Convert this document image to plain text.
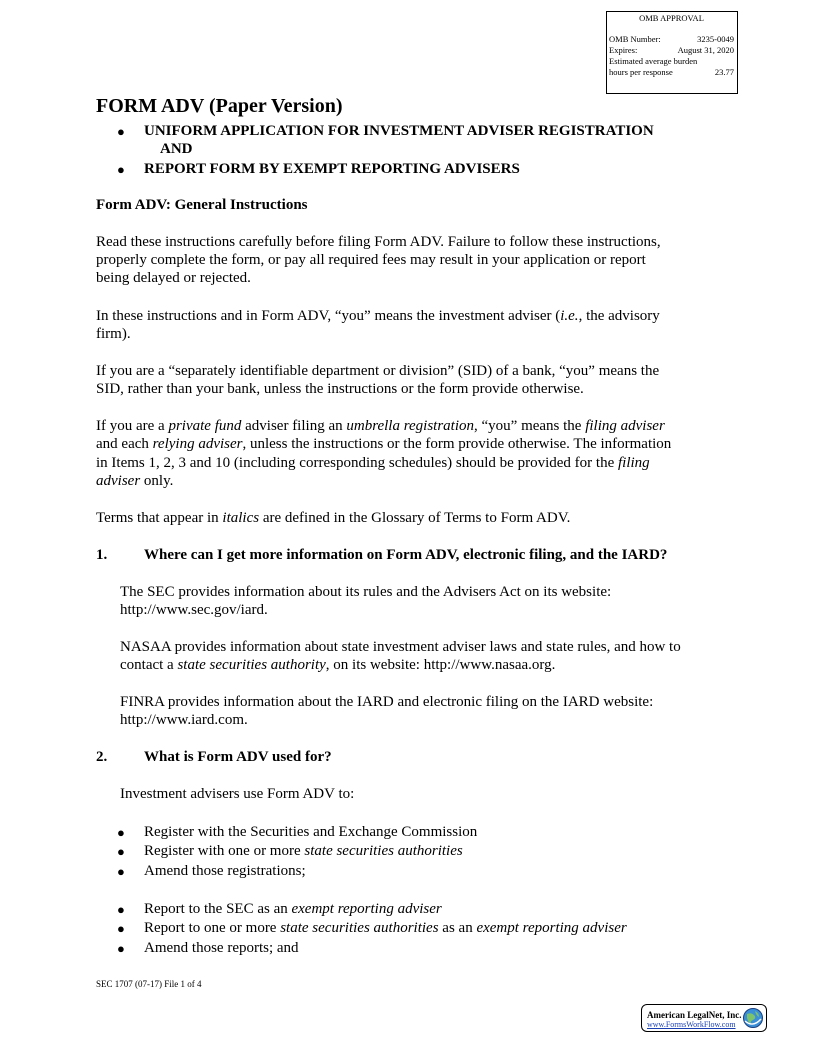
OMB APPROVAL
OMB Number:	3235-0049
Expires:	August 31, 2020
Estimated average burden
hours per response	23.77
FORM ADV (Paper Version)
● UNIFORM APPLICATION FOR INVESTMENT ADVISER REGISTRATION
AND
● REPORT FORM BY EXEMPT REPORTING ADVISERS
Form ADV: General Instructions
Read these instructions carefully before filing Form ADV. Failure to follow these instructions,
properly complete the form, or pay all required fees may result in your application or report
being delayed or rejected.
In these instructions and in Form ADV, “you” means the investment adviser (i.e., the advisory
firm).
If you are a “separately identifiable department or division” (SID) of a bank, “you” means the
SID, rather than your bank, unless the instructions or the form provide otherwise.
If you are a private fund adviser filing an umbrella registration, “you” means the filing adviser
and each relying adviser, unless the instructions or the form provide otherwise. The information
in Items 1, 2, 3 and 10 (including corresponding schedules) should be provided for the filing
adviser only.
Terms that appear in italics are defined in the Glossary of Terms to Form ADV.
1. Where can I get more information on Form ADV, electronic filing, and the IARD?
The SEC provides information about its rules and the Advisers Act on its website:
http://www.sec.gov/iard.
NASAA provides information about state investment adviser laws and state rules, and how to
contact a state securities authority, on its website: http://www.nasaa.org.
FINRA provides information about the IARD and electronic filing on the IARD website:
http://www.iard.com.
2. What is Form ADV used for?
Investment advisers use Form ADV to:
● Register with the Securities and Exchange Commission
● Register with one or more state securities authorities
● Amend those registrations;
● Report to the SEC as an exempt reporting adviser
● Report to one or more state securities authorities as an exempt reporting adviser
● Amend those reports; and
SEC 1707 (07-17) File 1 of 4
American LegalNet, Inc.
www.FormsWorkFlow.com
